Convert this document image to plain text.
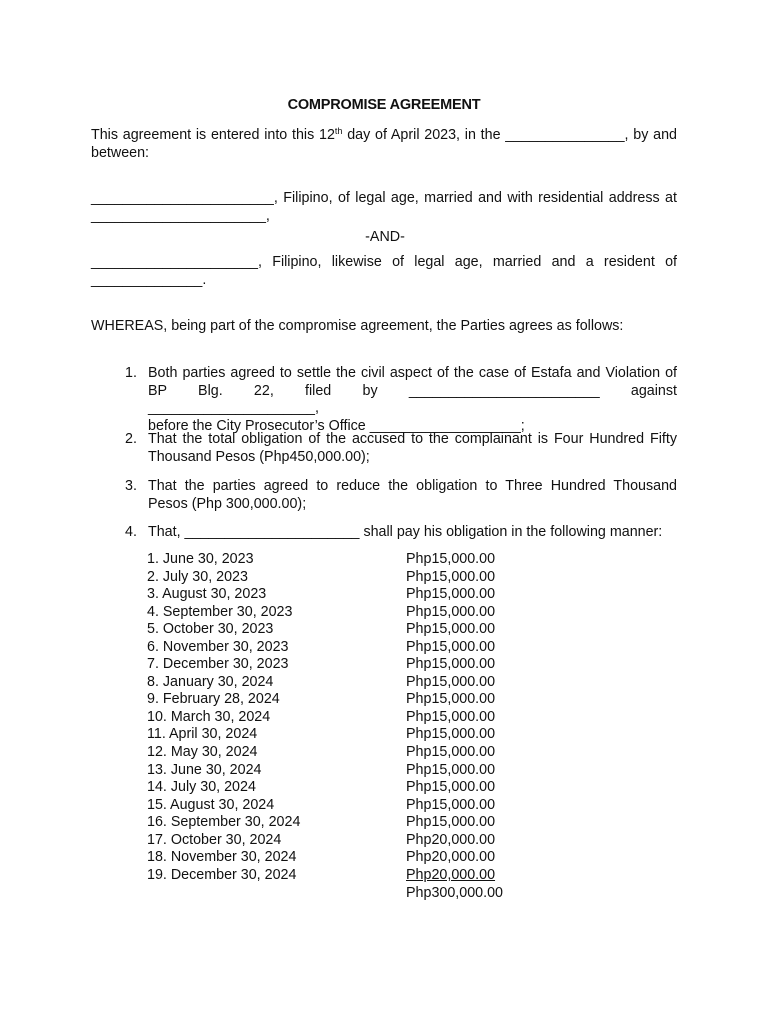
COMPROMISE AGREEMENT
This agreement is entered into this 12th day of April 2023, in the _______________, by and
between:
_______________________, Filipino, of legal age, married and with residential address at
______________________,
-AND-
_____________________, Filipino, likewise of legal age, married and a resident of
______________.
WHEREAS, being part of the compromise agreement, the Parties agrees as follows:
1. Both parties agreed to settle the civil aspect of the case of Estafa and Violation of
BP Blg. 22, filed by ________________________ against _____________________,
before the City Prosecutor’s Office ___________________;
2. That the total obligation of the accused to the complainant is Four Hundred Fifty
Thousand Pesos (Php450,000.00);
3. That the parties agreed to reduce the obligation to Three Hundred Thousand
Pesos (Php 300,000.00);
4. That, ______________________ shall pay his obligation in the following manner:
1. June 30, 2023	Php15,000.00
2. July 30, 2023	Php15,000.00
3. August 30, 2023	Php15,000.00
4. September 30, 2023	Php15,000.00
5. October 30, 2023	Php15,000.00
6. November 30, 2023	Php15,000.00
7. December 30, 2023	Php15,000.00
8. January 30, 2024	Php15,000.00
9. February 28, 2024	Php15,000.00
10. March 30, 2024	Php15,000.00
11. April 30, 2024	Php15,000.00
12. May 30, 2024	Php15,000.00
13. June 30, 2024	Php15,000.00
14. July 30, 2024	Php15,000.00
15. August 30, 2024	Php15,000.00
16. September 30, 2024	Php15,000.00
17. October 30, 2024	Php20,000.00
18. November 30, 2024	Php20,000.00
19. December 30, 2024	Php20,000.00
Php300,000.00
